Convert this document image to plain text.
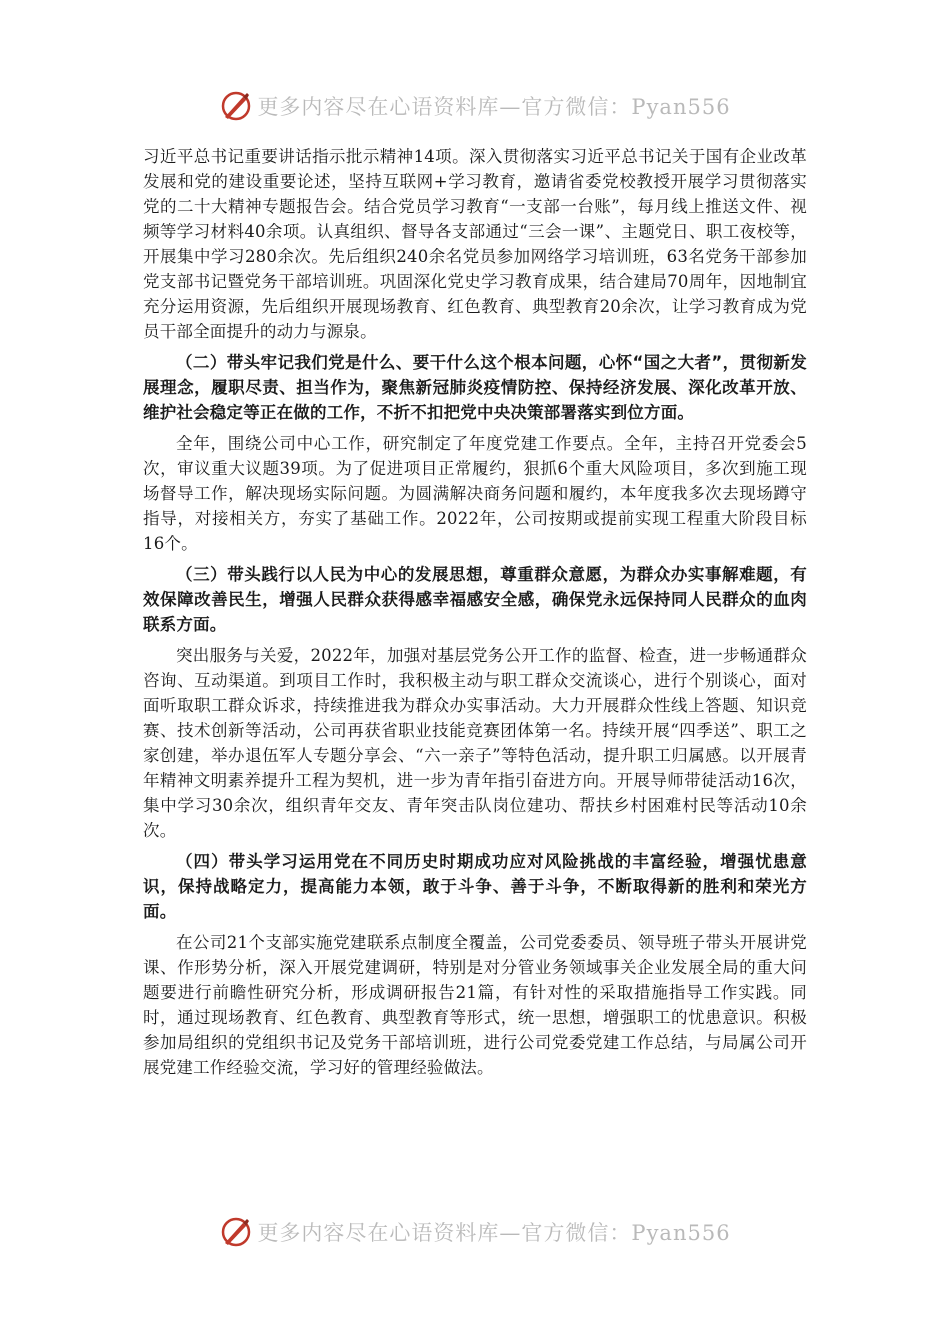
更多内容尽在心语资料库—官方微信：Pyan556

习近平总书记重要讲话指示批示精神14项。深入贯彻落实习近平总书记关于国有企业改革发展和党的建设重要论述，坚持互联网+学习教育，邀请省委党校教授开展学习贯彻落实党的二十大精神专题报告会。结合党员学习教育“一支部一台账”，每月线上推送文件、视频等学习材料40余项。认真组织、督导各支部通过“三会一课”、主题党日、职工夜校等，开展集中学习280余次。先后组织240余名党员参加网络学习培训班，63名党务干部参加党支部书记暨党务干部培训班。巩固深化党史学习教育成果，结合建局70周年，因地制宜充分运用资源，先后组织开展现场教育、红色教育、典型教育20余次，让学习教育成为党员干部全面提升的动力与源泉。

（二）带头牢记我们党是什么、要干什么这个根本问题，心怀“国之大者”，贯彻新发展理念，履职尽责、担当作为，聚焦新冠肺炎疫情防控、保持经济发展、深化改革开放、维护社会稳定等正在做的工作，不折不扣把党中央决策部署落实到位方面。

全年，围绕公司中心工作，研究制定了年度党建工作要点。全年，主持召开党委会5次，审议重大议题39项。为了促进项目正常履约，狠抓6个重大风险项目，多次到施工现场督导工作，解决现场实际问题。为圆满解决商务问题和履约，本年度我多次去现场蹲守指导，对接相关方，夯实了基础工作。2022年，公司按期或提前实现工程重大阶段目标16个。

（三）带头践行以人民为中心的发展思想，尊重群众意愿，为群众办实事解难题，有效保障改善民生，增强人民群众获得感幸福感安全感，确保党永远保持同人民群众的血肉联系方面。

突出服务与关爱，2022年，加强对基层党务公开工作的监督、检查，进一步畅通群众咨询、互动渠道。到项目工作时，我积极主动与职工群众交流谈心，进行个别谈心，面对面听取职工群众诉求，持续推进我为群众办实事活动。大力开展群众性线上答题、知识竞赛、技术创新等活动，公司再获省职业技能竞赛团体第一名。持续开展“四季送”、职工之家创建，举办退伍军人专题分享会、“六一亲子”等特色活动，提升职工归属感。以开展青年精神文明素养提升工程为契机，进一步为青年指引奋进方向。开展导师带徒活动16次，集中学习30余次，组织青年交友、青年突击队岗位建功、帮扶乡村困难村民等活动10余次。

（四）带头学习运用党在不同历史时期成功应对风险挑战的丰富经验，增强忧患意识，保持战略定力，提高能力本领，敢于斗争、善于斗争，不断取得新的胜利和荣光方面。

在公司21个支部实施党建联系点制度全覆盖，公司党委委员、领导班子带头开展讲党课、作形势分析，深入开展党建调研，特别是对分管业务领域事关企业发展全局的重大问题要进行前瞻性研究分析，形成调研报告21篇，有针对性的采取措施指导工作实践。同时，通过现场教育、红色教育、典型教育等形式，统一思想，增强职工的忧患意识。积极参加局组织的党组织书记及党务干部培训班，进行公司党委党建工作总结，与局属公司开展党建工作经验交流，学习好的管理经验做法。

更多内容尽在心语资料库—官方微信：Pyan556
